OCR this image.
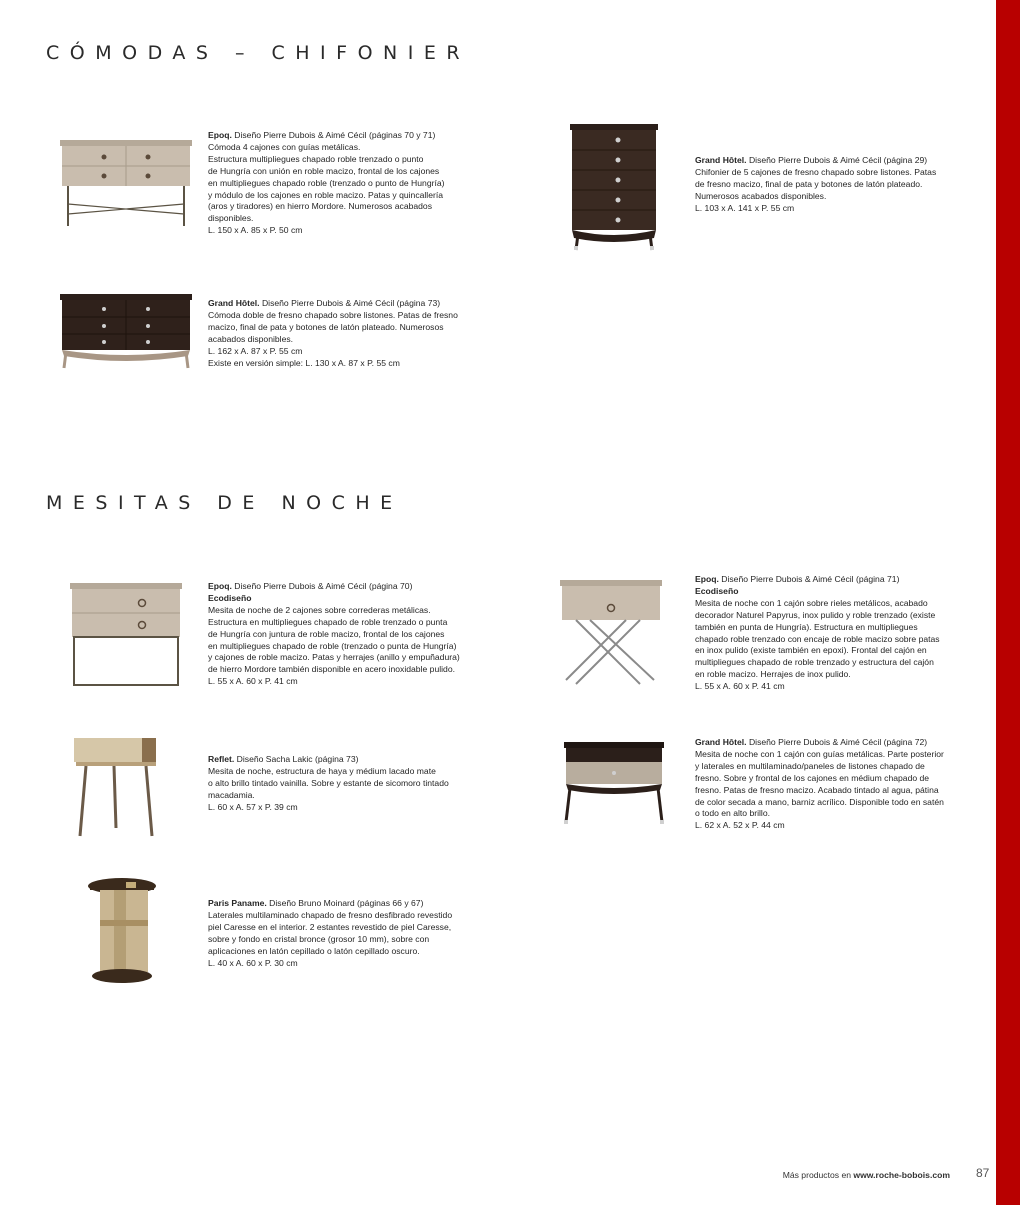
CÓMODAS – CHIFONIER
MESITAS DE NOCHE
Epoq. Diseño Pierre Dubois & Aimé Cécil (páginas 70 y 71)
Cómoda 4 cajones con guías metálicas.
Estructura multipliegues chapado roble trenzado o punto
de Hungría con unión en roble macizo, frontal de los cajones
en multipliegues chapado roble (trenzado o punto de Hungría)
y módulo de los cajones en roble macizo. Patas y quincallería
(aros y tiradores) en hierro Mordore. Numerosos acabados
disponibles.
L. 150 x A. 85 x P. 50 cm
Grand Hôtel. Diseño Pierre Dubois & Aimé Cécil (página 29)
Chifonier de 5 cajones de fresno chapado sobre listones. Patas
de fresno macizo, final de pata y botones de latón plateado.
Numerosos acabados disponibles.
L. 103 x A. 141 x P. 55 cm
Grand Hôtel. Diseño Pierre Dubois & Aimé Cécil (página 73)
Cómoda doble de fresno chapado sobre listones. Patas de fresno
macizo, final de pata y botones de latón plateado. Numerosos
acabados disponibles.
L. 162 x A. 87 x P. 55 cm
Existe en versión simple: L. 130 x A. 87 x P. 55 cm
Epoq. Diseño Pierre Dubois & Aimé Cécil (página 70)
Ecodiseño
Mesita de noche de 2 cajones sobre correderas metálicas.
Estructura en multipliegues chapado de roble trenzado o punta
de Hungría con juntura de roble macizo, frontal de los cajones
en multipliegues chapado de roble (trenzado o punta de Hungría)
y cajones de roble macizo. Patas y herrajes (anillo y empuñadura)
de hierro Mordore también disponible en acero inoxidable pulido.
L. 55 x A. 60 x P. 41 cm
Epoq. Diseño Pierre Dubois & Aimé Cécil (página 71)
Ecodiseño
Mesita de noche con 1 cajón sobre rieles metálicos, acabado
decorador Naturel Papyrus, inox pulido y roble trenzado (existe
también en punta de Hungría). Estructura en multipliegues
chapado roble trenzado con encaje de roble macizo sobre patas
en inox pulido (existe también en epoxi). Frontal del cajón en
multipliegues chapado de roble trenzado y estructura del cajón
en roble macizo. Herrajes de inox pulido.
L. 55 x A. 60 x P. 41 cm
Reflet. Diseño Sacha Lakic (página 73)
Mesita de noche, estructura de haya y médium lacado mate
o alto brillo tintado vainilla. Sobre y estante de sicomoro tintado
macadamia.
L. 60 x A. 57 x P. 39 cm
Grand Hôtel. Diseño Pierre Dubois & Aimé Cécil (página 72)
Mesita de noche con 1 cajón con guías metálicas. Parte posterior
y laterales en multilaminado/paneles de listones chapado de
fresno. Sobre y frontal de los cajones en médium chapado de
fresno. Patas de fresno macizo. Acabado tintado al agua, pátina
de color secada a mano, barniz acrílico. Disponible todo en satén
o todo en alto brillo.
L. 62 x A. 52 x P. 44 cm
Paris Paname. Diseño Bruno Moinard (páginas 66 y 67)
Laterales multilaminado chapado de fresno desfibrado revestido
piel Caresse en el interior. 2 estantes revestido de piel Caresse,
sobre y fondo en cristal bronce (grosor 10 mm), sobre con
aplicaciones en latón cepillado o latón cepillado oscuro.
L. 40 x A. 60 x P. 30 cm
Más productos en www.roche-bobois.com 87
